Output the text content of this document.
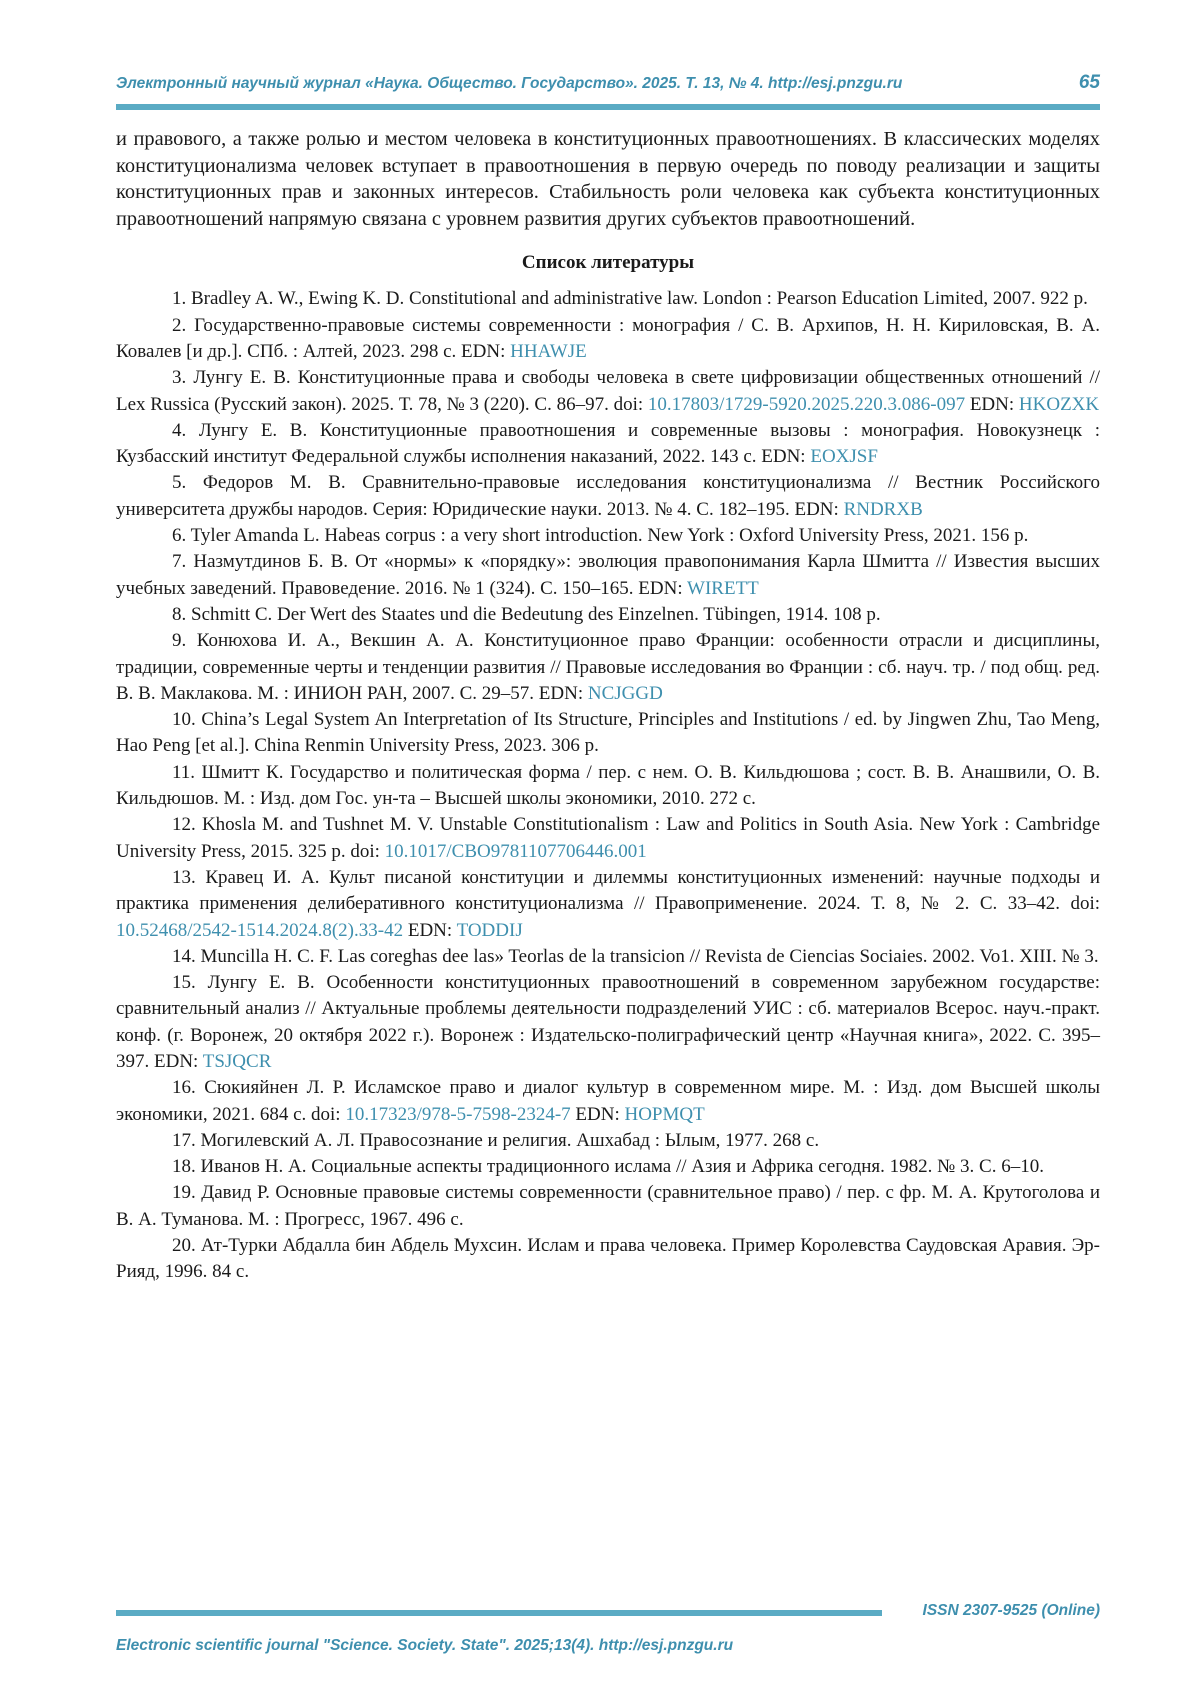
Электронный научный журнал «Наука. Общество. Государство». 2025. Т. 13, № 4. http://esj.pnzgu.ru	65

и правового, а также ролью и местом человека в конституционных правоотношениях. В классических моделях конституционализма человек вступает в правоотношения в первую очередь по поводу реализации и защиты конституционных прав и законных интересов. Стабильность роли человека как субъекта конституционных правоотношений напрямую связана с уровнем развития других субъектов правоотношений.

Список литературы

1. Bradley A. W., Ewing K. D. Constitutional and administrative law. London : Pearson Education Limited, 2007. 922 p.

2. Государственно-правовые системы современности : монография / С. В. Архипов, Н. Н. Кириловская, В. А. Ковалев [и др.]. СПб. : Алтей, 2023. 298 с. EDN: HHAWJE

3. Лунгу Е. В. Конституционные права и свободы человека в свете цифровизации общественных отношений // Lex Russica (Русский закон). 2025. Т. 78, № 3 (220). С. 86–97. doi: 10.17803/1729-5920.2025.220.3.086-097 EDN: HKOZXK

4. Лунгу Е. В. Конституционные правоотношения и современные вызовы : монография. Новокузнецк : Кузбасский институт Федеральной службы исполнения наказаний, 2022. 143 с. EDN: EOXJSF

5. Федоров М. В. Сравнительно-правовые исследования конституционализма // Вестник Российского университета дружбы народов. Серия: Юридические науки. 2013. № 4. С. 182–195. EDN: RNDRXB

6. Tyler Amanda L. Habeas corpus : a very short introduction. New York : Oxford University Press, 2021. 156 p.

7. Назмутдинов Б. В. От «нормы» к «порядку»: эволюция правопонимания Карла Шмитта // Известия высших учебных заведений. Правоведение. 2016. № 1 (324). С. 150–165. EDN: WIRETT

8. Schmitt C. Der Wert des Staates und die Bedeutung des Einzelnen. Tübingen, 1914. 108 р.

9. Конюхова И. А., Векшин А. А. Конституционное право Франции: особенности отрасли и дисциплины, традиции, современные черты и тенденции развития // Правовые исследования во Франции : сб. науч. тр. / под общ. ред. В. В. Маклакова. М. : ИНИОН РАН, 2007. С. 29–57. EDN: NCJGGD

10. China’s Legal System An Interpretation of Its Structure, Principles and Institutions / ed. by Jingwen Zhu, Tao Meng, Hao Peng [et al.]. China Renmin University Press, 2023. 306 p.

11. Шмитт К. Государство и политическая форма / пер. с нем. О. В. Кильдюшова ; сост. В. В. Анашвили, О. В. Кильдюшов. М. : Изд. дом Гос. ун-та – Высшей школы экономики, 2010. 272 с.

12. Khosla M. and Tushnet M. V. Unstable Constitutionalism : Law and Politics in South Asia. New York : Cambridge University Press, 2015. 325 p. doi: 10.1017/CBO9781107706446.001

13. Кравец И. А. Культ писаной конституции и дилеммы конституционных изменений: научные подходы и практика применения делиберативного конституционализма // Правоприменение. 2024. Т. 8, № 2. С. 33–42. doi: 10.52468/2542-1514.2024.8(2).33-42 EDN: TODDIJ

14. Muncilla H. C. F. Las coreghas dee las» Teorlas de la transicion // Revista de Ciencias Sociaies. 2002. Vo1. XIII. № 3.

15. Лунгу Е. В. Особенности конституционных правоотношений в современном зарубежном государстве: сравнительный анализ // Актуальные проблемы деятельности подразделений УИС : сб. материалов Всерос. науч.-практ. конф. (г. Воронеж, 20 октября 2022 г.). Воронеж : Издательско-полиграфический центр «Научная книга», 2022. С. 395–397. EDN: TSJQCR

16. Сюкияйнен Л. Р. Исламское право и диалог культур в современном мире. М. : Изд. дом Высшей школы экономики, 2021. 684 с. doi: 10.17323/978-5-7598-2324-7 EDN: HOPMQT

17. Могилевский А. Л. Правосознание и религия. Ашхабад : Ылым, 1977. 268 с.

18. Иванов Н. А. Социальные аспекты традиционного ислама // Азия и Африка сегодня. 1982. № 3. С. 6–10.

19. Давид Р. Основные правовые системы современности (сравнительное право) / пер. с фр. М. А. Крутоголова и В. А. Туманова. М. : Прогресс, 1967. 496 с.

20. Ат-Турки Абдалла бин Абдель Мухсин. Ислам и права человека. Пример Королевства Саудовская Аравия. Эр-Рияд, 1996. 84 с.

ISSN 2307-9525 (Online)
Electronic scientific journal "Science. Society. State". 2025;13(4). http://esj.pnzgu.ru
